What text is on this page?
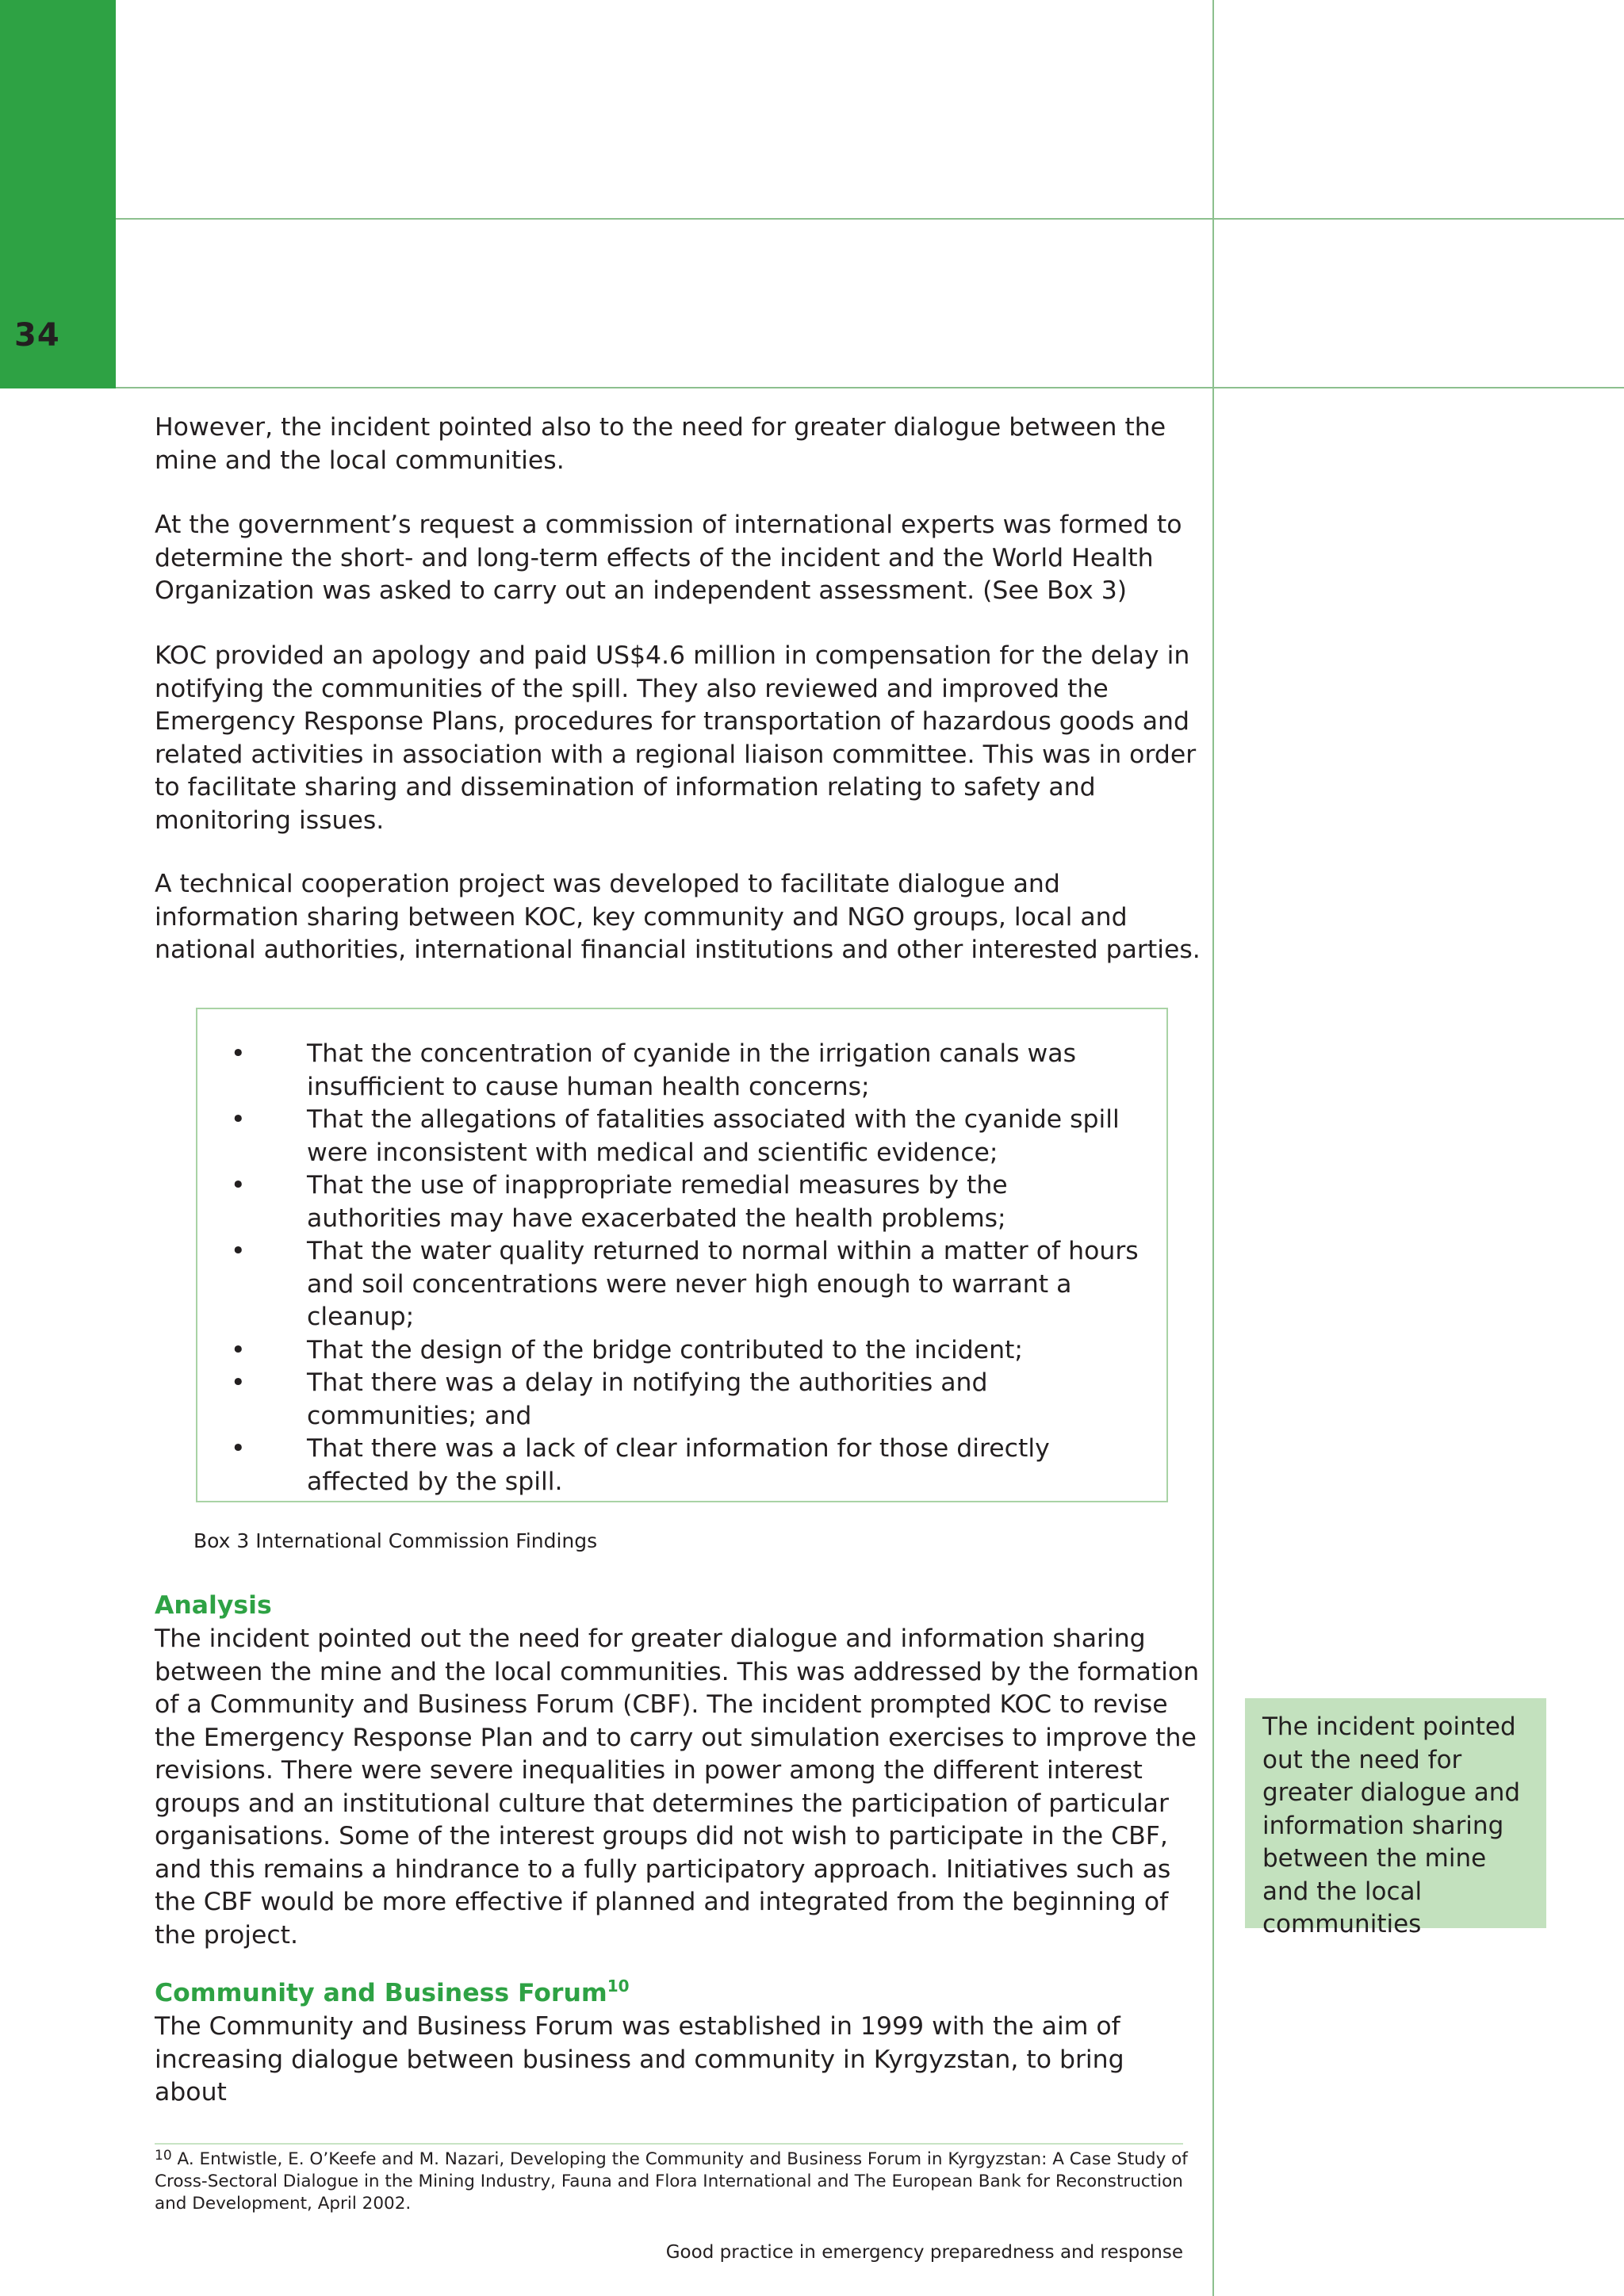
34

However, the incident pointed also to the need for greater dialogue between the mine and the local communities.

At the government’s request a commission of international experts was formed to determine the short- and long-term effects of the incident and the World Health Organization was asked to carry out an independent assessment. (See Box 3)

KOC provided an apology and paid US$4.6 million in compensation for the delay in notifying the communities of the spill. They also reviewed and improved the Emergency Response Plans, procedures for transportation of hazardous goods and related activities in association with a regional liaison committee. This was in order to facilitate sharing and dissemination of information relating to safety and monitoring issues.

A technical cooperation project was developed to facilitate dialogue and information sharing between KOC, key community and NGO groups, local and national authorities, international financial institutions and other interested parties.

•	That the concentration of cyanide in the irrigation canals was insufficient to cause human health concerns;
•	That the allegations of fatalities associated with the cyanide spill were inconsistent with medical and scientific evidence;
•	That the use of inappropriate remedial measures by the authorities may have exacerbated the health problems;
•	That the water quality returned to normal within a matter of hours and soil concentrations were never high enough to warrant a cleanup;
•	That the design of the bridge contributed to the incident;
•	That there was a delay in notifying the authorities and communities; and
•	That there was a lack of clear information for those directly affected by the spill.
Box 3 International Commission Findings
Analysis

The incident pointed out the need for greater dialogue and information sharing between the mine and the local communities. This was addressed by the formation of a Community and Business Forum (CBF). The incident prompted KOC to revise the Emergency Response Plan and to carry out simulation exercises to improve the revisions. There were severe inequalities in power among the different interest groups and an institutional culture that determines the participation of particular organisations. Some of the interest groups did not wish to participate in the CBF, and this remains a hindrance to a fully participatory approach. Initiatives such as the CBF would be more effective if planned and integrated from the beginning of the project.

Community and Business Forum$^{10}$

The Community and Business Forum was established in 1999 with the aim of increasing dialogue between business and community in Kyrgyzstan, to bring about

The incident pointed out the need for greater dialogue and information sharing between the mine and the local communities
$^{10}$ A. Entwistle, E. O’Keefe and M. Nazari, Developing the Community and Business Forum in Kyrgyzstan: A Case Study of Cross-Sectoral Dialogue in the Mining Industry, Fauna and Flora International and The European Bank for Reconstruction and Development, April 2002.
Good practice in emergency preparedness and response
